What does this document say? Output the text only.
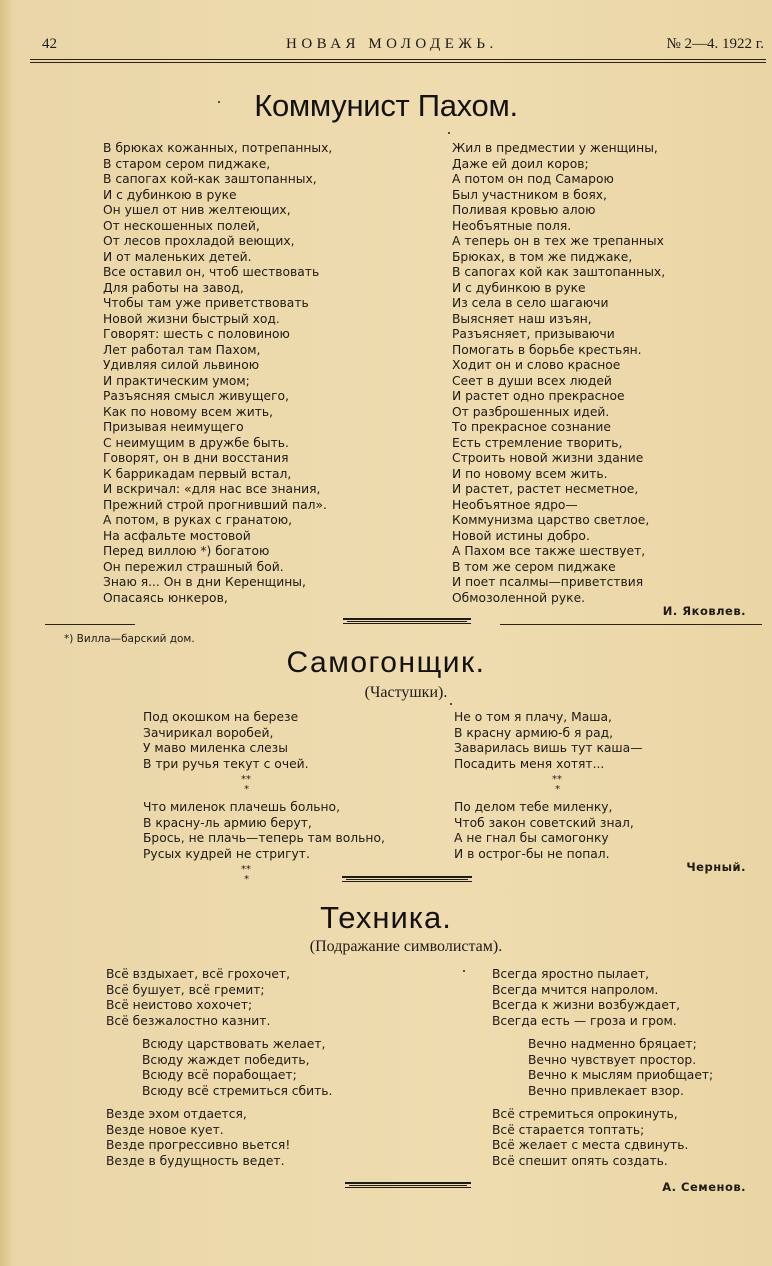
42	НОВАЯ МОЛОДЕЖЬ.	№ 2—4. 1922 г.
Коммунист Пахом.
В брюках кожанных, потрепанных,
В старом сером пиджаке,
В сапогах кой-как заштопанных,
И с дубинкою в руке
Он ушел от нив желтеющих,
От нескошенных полей,
От лесов прохладой веющих,
И от маленьких детей.
Все оставил он, чтоб шествовать
Для работы на завод,
Чтобы там уже приветствовать
Новой жизни быстрый ход.
Говорят: шесть с половиною
Лет работал там Пахом,
Удивляя силой львиною
И практическим умом;
Разъясняя смысл живущего,
Как по новому всем жить,
Призывая неимущего
С неимущим в дружбе быть.
Говорят, он в дни восстания
К баррикадам первый встал,
И вскричал: «для нас все знания,
Прежний строй прогнивший пал».
А потом, в руках с гранатою,
На асфальте мостовой
Перед виллою *) богатою
Он пережил страшный бой.
Знаю я... Он в дни Керенщины,
Опасаясь юнкеров,
Жил в предместии у женщины,
Даже ей доил коров;
А потом он под Самарою
Был участником в боях,
Поливая кровью алою
Необъятные поля.
А теперь он в тех же трепанных
Брюках, в том же пиджаке,
В сапогах кой как заштопанных,
И с дубинкою в руке
Из села в село шагаючи
Выясняет наш изъян,
Разъясняет, призываючи
Помогать в борьбе крестьян.
Ходит он и слово красное
Сеет в души всех людей
И растет одно прекрасное
От разброшенных идей.
То прекрасное сознание
Есть стремление творить,
Строить новой жизни здание
И по новому всем жить.
И растет, растет несметное,
Необъятное ядро—
Коммунизма царство светлое,
Новой истины добро.
А Пахом все также шествует,
В том же сером пиджаке
И поет псалмы—приветствия
Обмозоленной руке.
И. Яковлев.
*) Вилла—барский дом.
Самогонщик.
(Частушки).
Под окошком на березе
Зачирикал воробей,
У маво миленка слезы
В три ручья текут с очей.
⁎⁎
⁎
Что миленок плачешь больно,
В красну-ль армию берут,
Брось, не плачь—теперь там вольно,
Русых кудрей не стригут.
⁎⁎
⁎
Не о том я плачу, Маша,
В красну армию-б я рад,
Заварилась вишь тут каша—
Посадить меня хотят...
⁎⁎
⁎
По делом тебе миленку,
Чтоб закон советский знал,
А не гнал бы самогонку
И в острог-бы не попал.
Черный.
Техника.
(Подражание символистам).
Всё вздыхает, всё грохочет,
Всё бушует, всё гремит;
Всё неистово хохочет;
Всё безжалостно казнит.
Всюду царствовать желает,
Всюду жаждет победить,
Всюду всё порабощает;
Всюду всё стремиться сбить.
Везде эхом отдается,
Везде новое кует.
Везде прогрессивно вьется!
Везде в будущность ведет.
Всегда яростно пылает,
Всегда мчится напролом.
Всегда к жизни возбуждает,
Всегда есть — гроза и гром.
Вечно надменно бряцает;
Вечно чувствует простор.
Вечно к мыслям приобщает;
Вечно привлекает взор.
Всё стремиться опрокинуть,
Всё старается топтать;
Всё желает с места сдвинуть.
Всё спешит опять создать.
А. Семенов.
